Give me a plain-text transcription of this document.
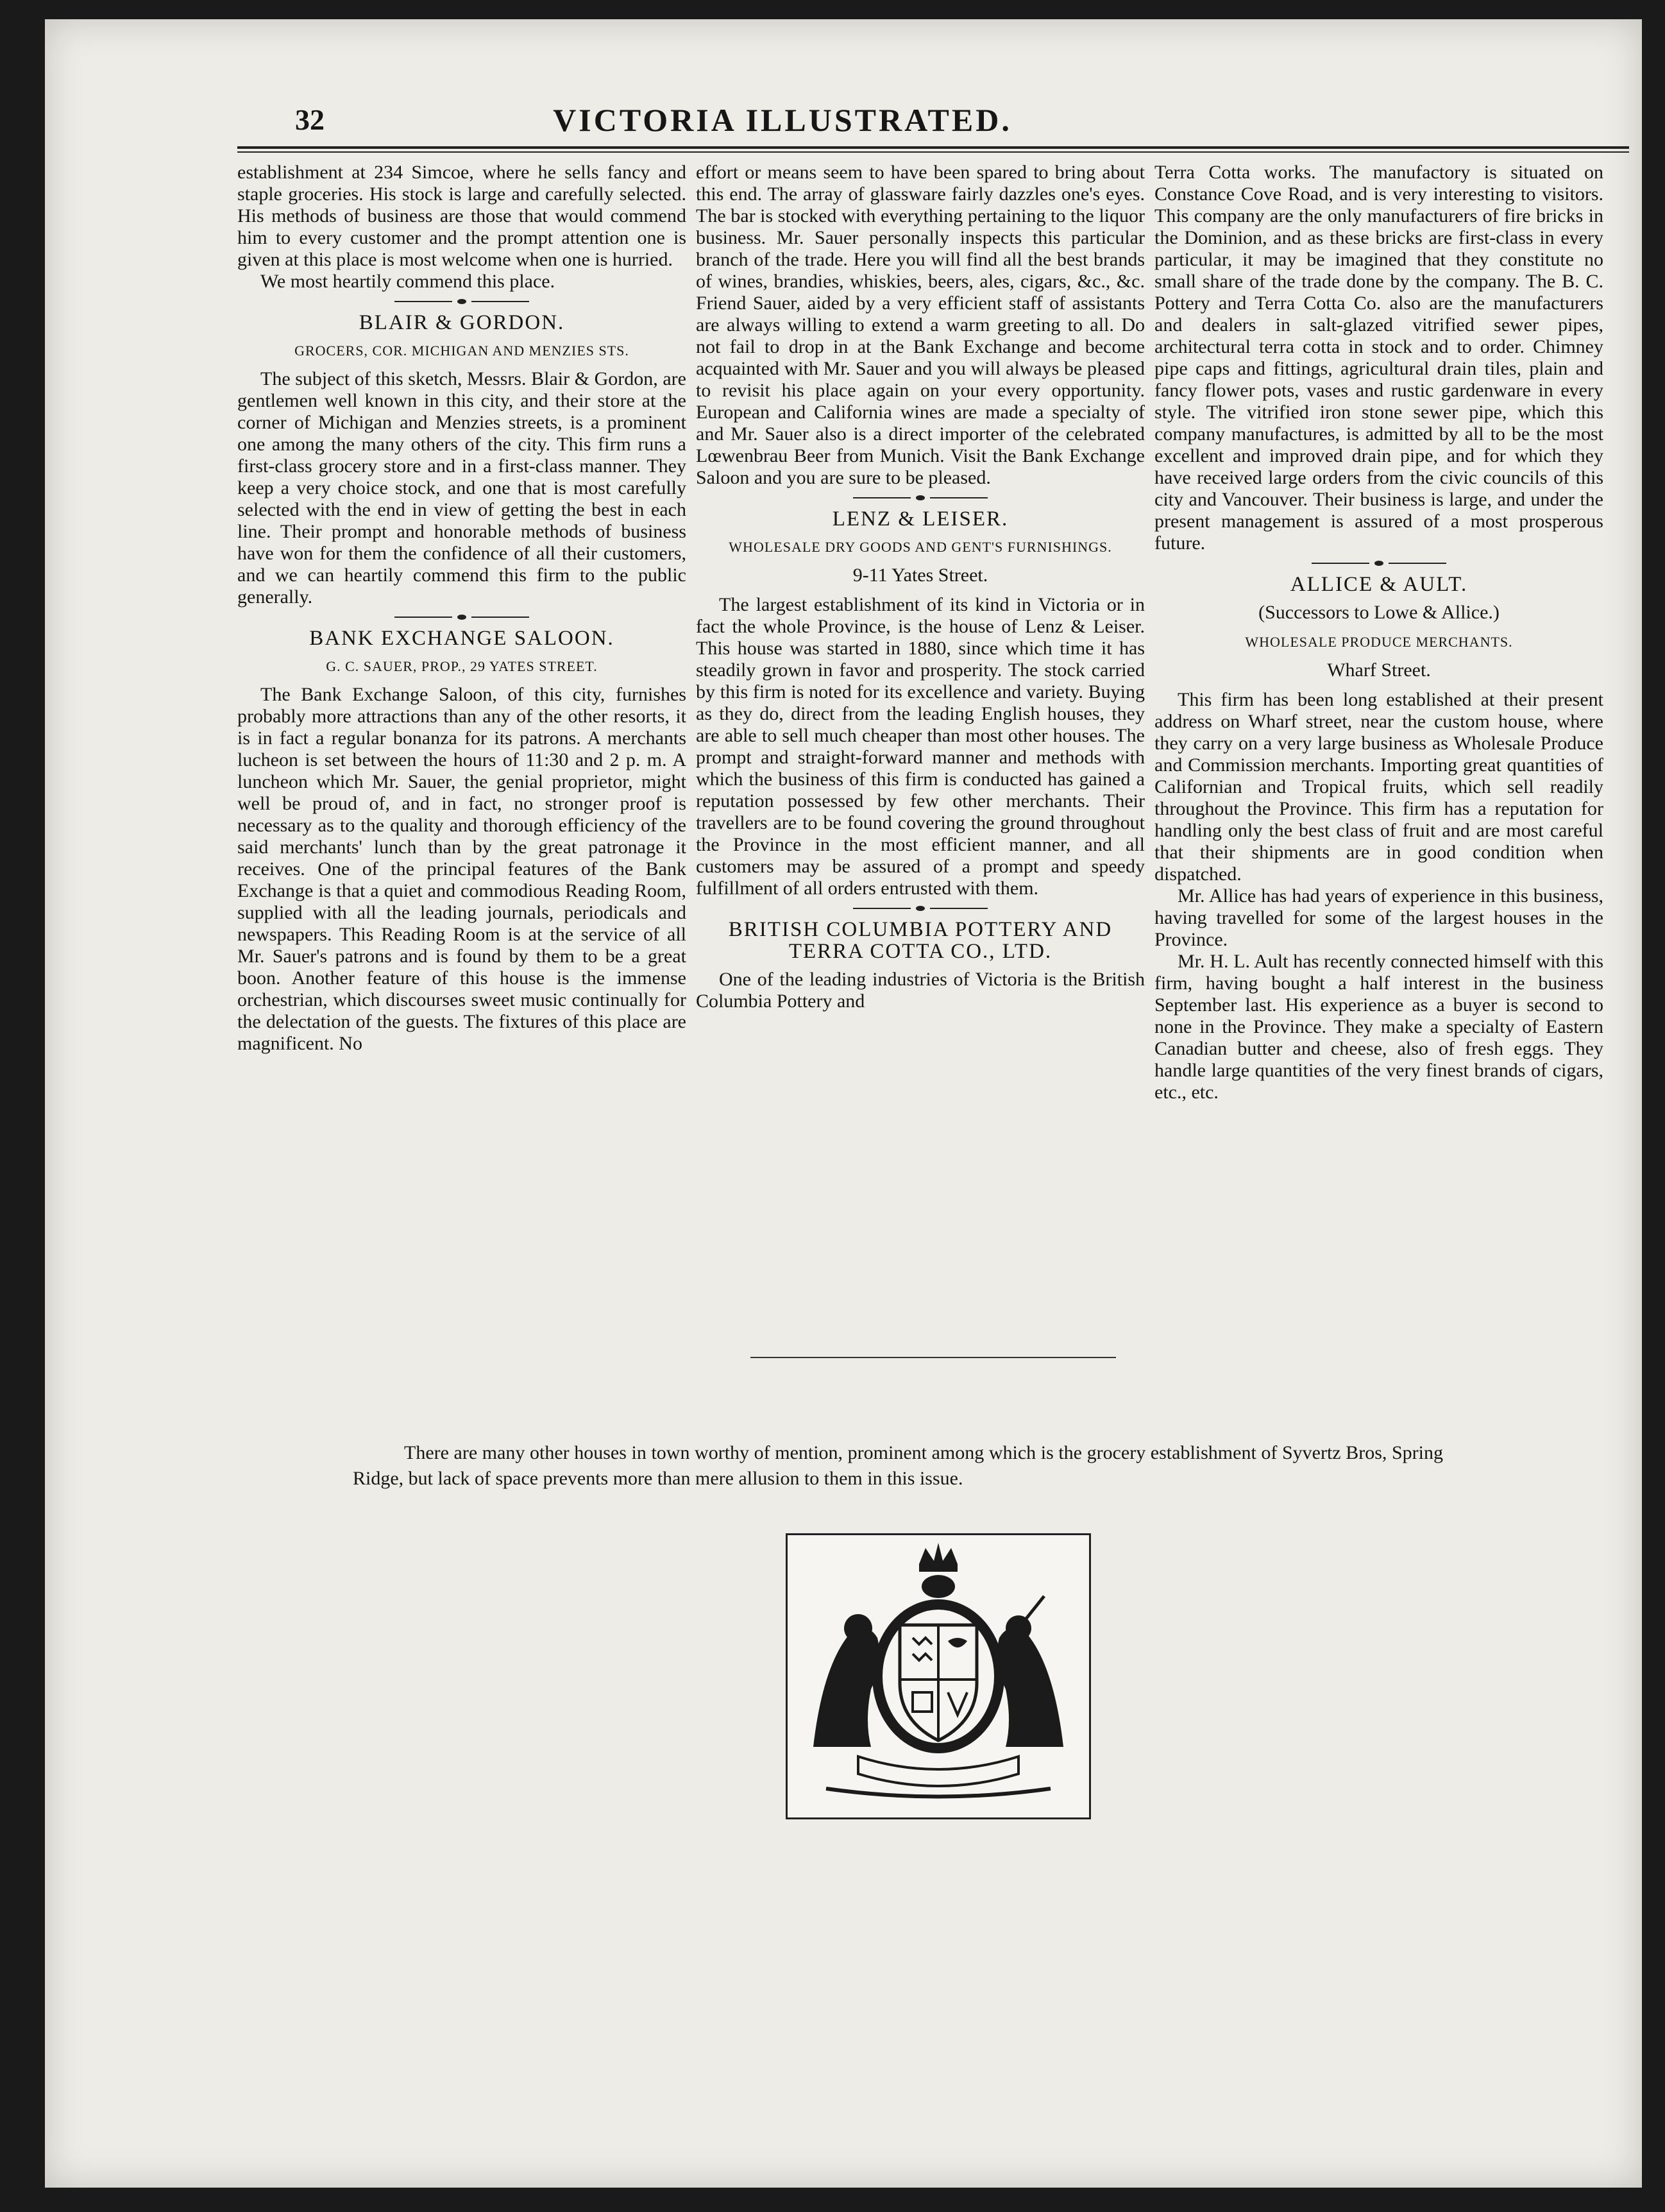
32	VICTORIA ILLUSTRATED.

establishment at 234 Simcoe, where he sells fancy and staple groceries. His stock is large and carefully selected. His methods of business are those that would commend him to every customer and the prompt attention one is given at this place is most welcome when one is hurried.

We most heartily commend this place.

BLAIR & GORDON.
GROCERS, COR. MICHIGAN AND MENZIES STS.

The subject of this sketch, Messrs. Blair & Gordon, are gentlemen well known in this city, and their store at the corner of Michigan and Menzies streets, is a prominent one among the many others of the city. This firm runs a first-class grocery store and in a first-class manner. They keep a very choice stock, and one that is most carefully selected with the end in view of getting the best in each line. Their prompt and honorable methods of business have won for them the confidence of all their customers, and we can heartily commend this firm to the public generally.

BANK EXCHANGE SALOON.
G. C. SAUER, PROP., 29 YATES STREET.

The Bank Exchange Saloon, of this city, furnishes probably more attractions than any of the other resorts, it is in fact a regular bonanza for its patrons. A merchants lucheon is set between the hours of 11:30 and 2 p. m. A luncheon which Mr. Sauer, the genial proprietor, might well be proud of, and in fact, no stronger proof is necessary as to the quality and thorough efficiency of the said merchants' lunch than by the great patronage it receives. One of the principal features of the Bank Exchange is that a quiet and commodious Reading Room, supplied with all the leading journals, periodicals and newspapers. This Reading Room is at the service of all Mr. Sauer's patrons and is found by them to be a great boon. Another feature of this house is the immense orchestrian, which discourses sweet music continually for the delectation of the guests. The fixtures of this place are magnificent. No

effort or means seem to have been spared to bring about this end. The array of glassware fairly dazzles one's eyes. The bar is stocked with everything pertaining to the liquor business. Mr. Sauer personally inspects this particular branch of the trade. Here you will find all the best brands of wines, brandies, whiskies, beers, ales, cigars, &c., &c. Friend Sauer, aided by a very efficient staff of assistants are always willing to extend a warm greeting to all. Do not fail to drop in at the Bank Exchange and become acquainted with Mr. Sauer and you will always be pleased to revisit his place again on your every opportunity. European and California wines are made a specialty of and Mr. Sauer also is a direct importer of the celebrated Lœwenbrau Beer from Munich. Visit the Bank Exchange Saloon and you are sure to be pleased.

LENZ & LEISER.
WHOLESALE DRY GOODS AND GENT'S FURNISHINGS.
9-11 Yates Street.

The largest establishment of its kind in Victoria or in fact the whole Province, is the house of Lenz & Leiser. This house was started in 1880, since which time it has steadily grown in favor and prosperity. The stock carried by this firm is noted for its excellence and variety. Buying as they do, direct from the leading English houses, they are able to sell much cheaper than most other houses. The prompt and straight-forward manner and methods with which the business of this firm is conducted has gained a reputation possessed by few other merchants. Their travellers are to be found covering the ground throughout the Province in the most efficient manner, and all customers may be assured of a prompt and speedy fulfillment of all orders entrusted with them.

BRITISH COLUMBIA POTTERY AND TERRA COTTA CO., LTD.

One of the leading industries of Victoria is the British Columbia Pottery and

Terra Cotta works. The manufactory is situated on Constance Cove Road, and is very interesting to visitors. This company are the only manufacturers of fire bricks in the Dominion, and as these bricks are first-class in every particular, it may be imagined that they constitute no small share of the trade done by the company. The B. C. Pottery and Terra Cotta Co. also are the manufacturers and dealers in salt-glazed vitrified sewer pipes, architectural terra cotta in stock and to order. Chimney pipe caps and fittings, agricultural drain tiles, plain and fancy flower pots, vases and rustic gardenware in every style. The vitrified iron stone sewer pipe, which this company manufactures, is admitted by all to be the most excellent and improved drain pipe, and for which they have received large orders from the civic councils of this city and Vancouver. Their business is large, and under the present management is assured of a most prosperous future.

ALLICE & AULT.
(Successors to Lowe & Allice.)
WHOLESALE PRODUCE MERCHANTS.
Wharf Street.

This firm has been long established at their present address on Wharf street, near the custom house, where they carry on a very large business as Wholesale Produce and Commission merchants. Importing great quantities of Californian and Tropical fruits, which sell readily throughout the Province. This firm has a reputation for handling only the best class of fruit and are most careful that their shipments are in good condition when dispatched.

Mr. Allice has had years of experience in this business, having travelled for some of the largest houses in the Province.

Mr. H. L. Ault has recently connected himself with this firm, having bought a half interest in the business September last. His experience as a buyer is second to none in the Province. They make a specialty of Eastern Canadian butter and cheese, also of fresh eggs. They handle large quantities of the very finest brands of cigars, etc., etc.

There are many other houses in town worthy of mention, prominent among which is the grocery establishment of Syvertz Bros, Spring Ridge, but lack of space prevents more than mere allusion to them in this issue.
